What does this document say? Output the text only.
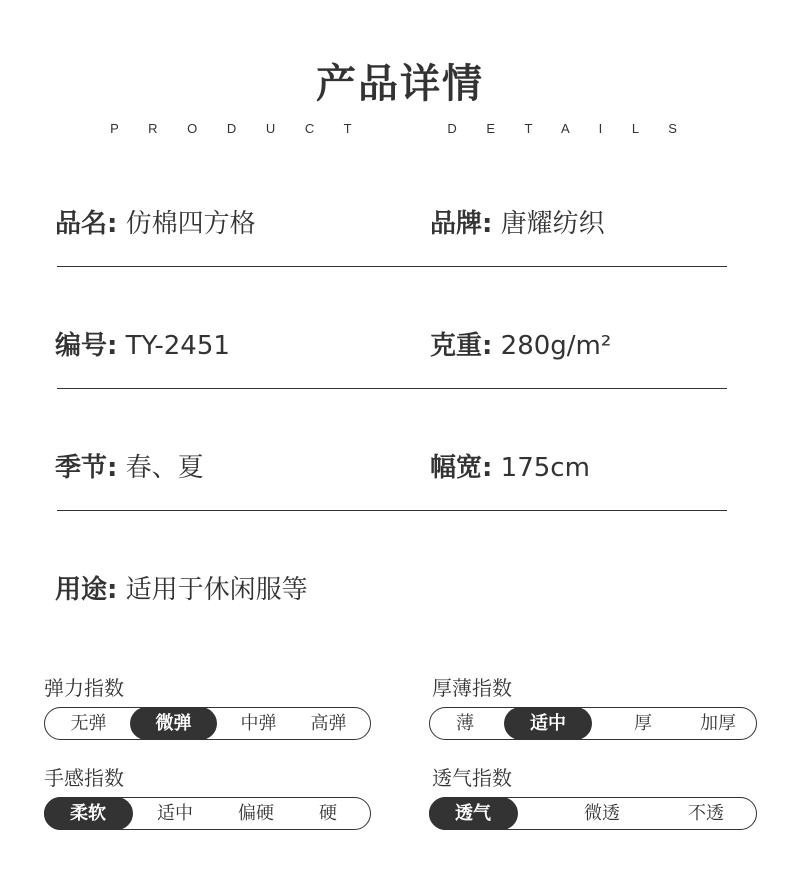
产品详情
P R O D U C T     D E T A I L S
品名: 仿棉四方格	品牌: 唐耀纺织
编号: TY-2451	克重: 280g/m²
季节: 春、夏	幅宽: 175cm
用途: 适用于休闲服等
弹力指数
无弹	微弹	中弹	高弹
厚薄指数
薄	适中	厚	加厚
手感指数
柔软	适中	偏硬	硬
透气指数
透气	微透	不透
